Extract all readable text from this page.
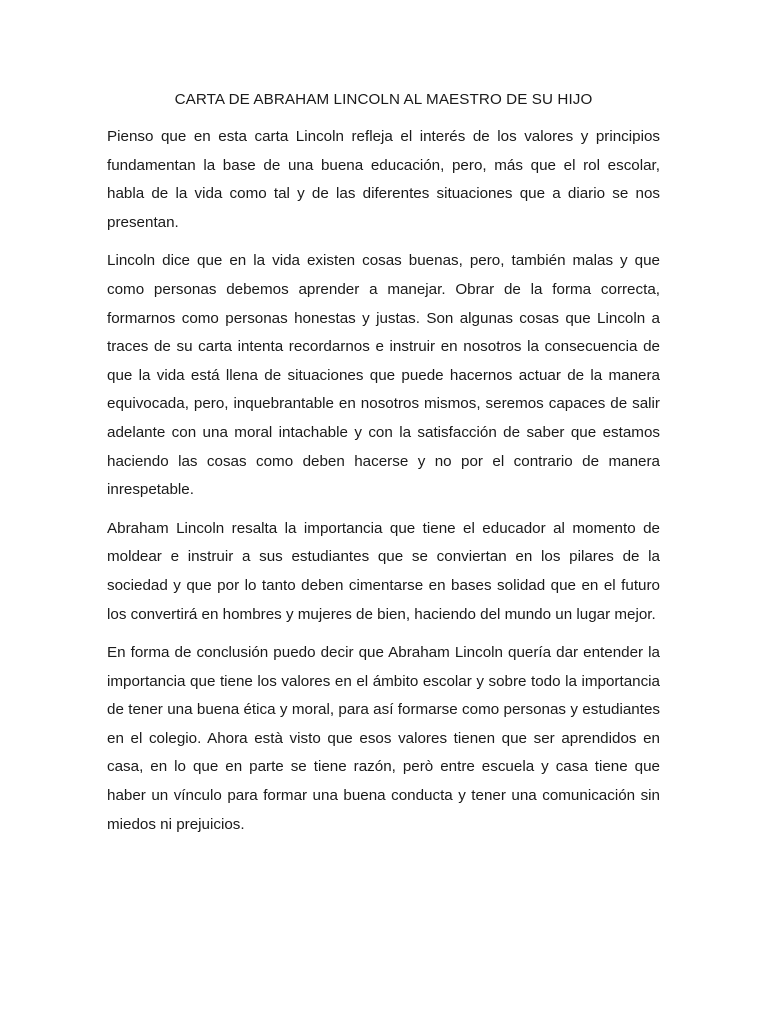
CARTA DE ABRAHAM LINCOLN AL MAESTRO DE SU HIJO

Pienso que en esta carta Lincoln refleja el interés de los valores y principios fundamentan la base de una buena educación, pero, más que el rol escolar, habla de la vida como tal y de las diferentes situaciones que a diario se nos presentan.

Lincoln dice que en la vida existen cosas buenas, pero, también malas y que como personas debemos aprender a manejar. Obrar de la forma correcta, formarnos como personas honestas y justas. Son algunas cosas que Lincoln a traces de su carta intenta recordarnos e instruir en nosotros la consecuencia de que la vida está llena de situaciones que puede hacernos actuar de la manera equivocada, pero, inquebrantable en nosotros mismos, seremos capaces de salir adelante con una moral intachable y con la satisfacción de saber que estamos haciendo las cosas como deben hacerse y no por el contrario de manera inrespetable.

Abraham Lincoln resalta la importancia que tiene el educador al momento de moldear e instruir a sus estudiantes que se conviertan en los pilares de la sociedad y que por lo tanto deben cimentarse en bases solidad que en el futuro los convertirá en hombres y mujeres de bien, haciendo del mundo un lugar mejor.

En forma de conclusión puedo decir que Abraham Lincoln quería dar entender la importancia que tiene los valores en el ámbito escolar y sobre todo la importancia de tener una buena ética y moral, para así formarse como personas y estudiantes en el colegio. Ahora està visto que esos valores tienen que ser aprendidos en casa, en lo que en parte se tiene razón, però entre escuela y casa tiene que haber un vínculo para formar una buena conducta y tener una comunicación sin miedos ni prejuicios.
